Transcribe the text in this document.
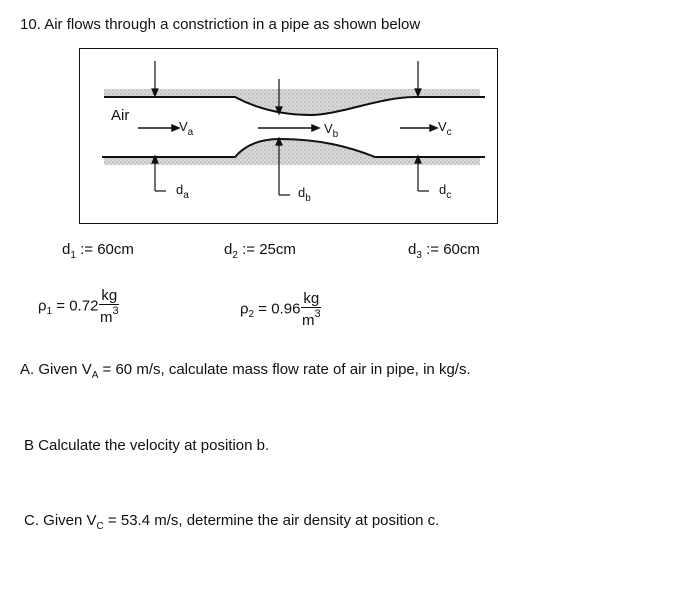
10. Air flows through a constriction in a pipe as shown below
Air
$V_a$	$V_b$
$V_c$
$d_a$	$d_b$
$d_c$
$d_1$ := 60cm	$d_2$ := 25cm	$d_3$ := 60cm
$\rho_1 = 0.72 \frac{kg}{m^3}$	$\rho_2 = 0.96 \frac{kg}{m^3}$
A. Given $V_A = 60$ m/s, calculate mass flow rate of air in pipe, in kg/s.
B Calculate the velocity at position b.
C. Given $V_C = 53.4$ m/s, determine the air density at position c.
